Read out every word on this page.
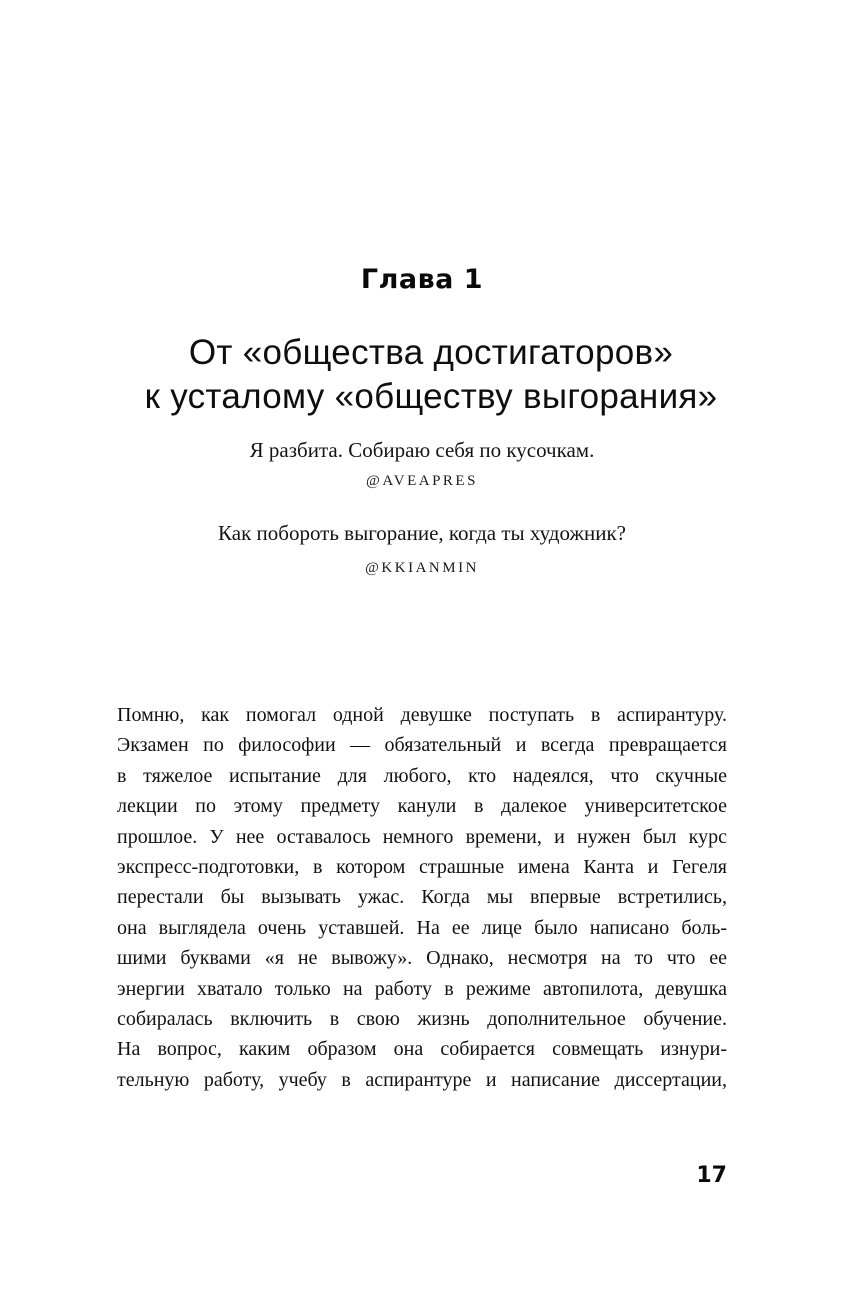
Глава 1
От «общества достигаторов»
к усталому «обществу выгорания»
Я разбита. Собираю себя по кусочкам.
@AVEAPRES
Как побороть выгорание, когда ты художник?
@KKIANMIN
Помню, как помогал одной девушке поступать в аспирантуру.
Экзамен по философии — обязательный и всегда превращается
в тяжелое испытание для любого, кто надеялся, что скучные
лекции по этому предмету канули в далекое университетское
прошлое. У нее оставалось немного времени, и нужен был курс
экспресс-подготовки, в котором страшные имена Канта и Гегеля
перестали бы вызывать ужас. Когда мы впервые встретились,
она выглядела очень уставшей. На ее лице было написано боль-
шими буквами «я не вывожу». Однако, несмотря на то что ее
энергии хватало только на работу в режиме автопилота, девушка
собиралась включить в свою жизнь дополнительное обучение.
На вопрос, каким образом она собирается совмещать изнури-
тельную работу, учебу в аспирантуре и написание диссертации,
17
